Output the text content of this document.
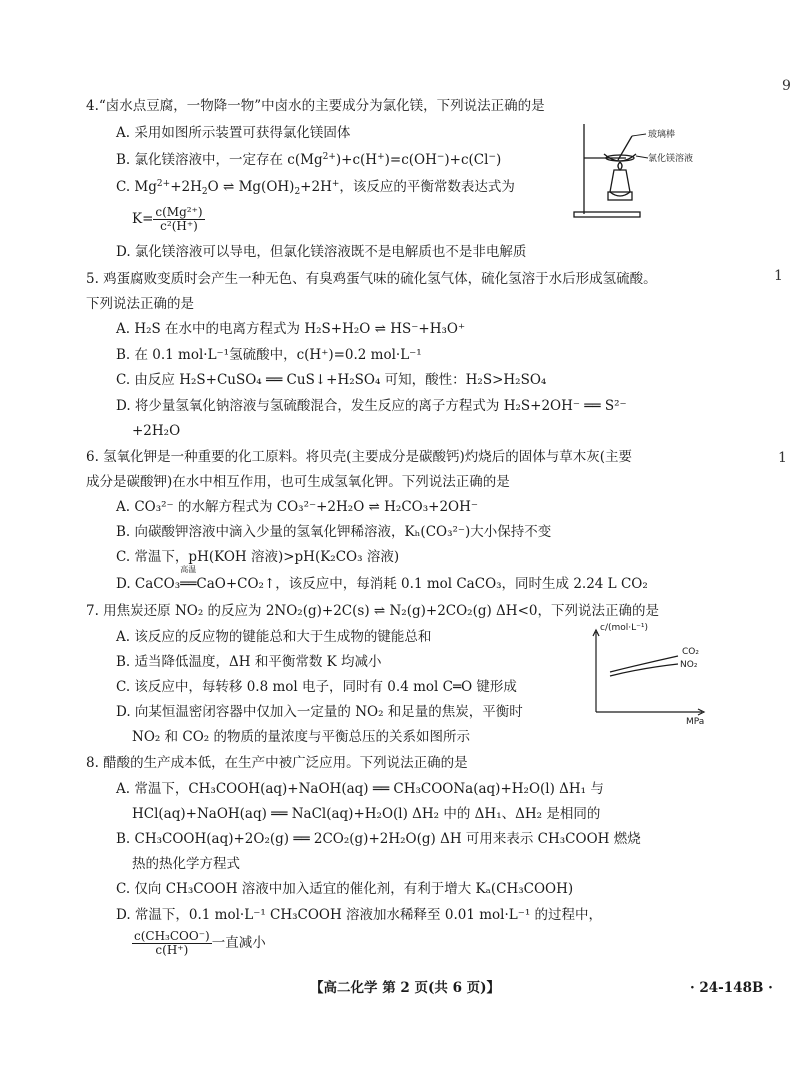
9
1
1
4.“卤水点豆腐，一物降一物”中卤水的主要成分为氯化镁，下列说法正确的是
A. 采用如图所示装置可获得氯化镁固体
B. 氯化镁溶液中，一定存在 $c(Mg^{2+})+c(H^+)=c(OH^-)+c(Cl^-)$
C. $Mg^{2+}+2H_2O$ ⇌ $Mg(OH)_2+2H^+$，该反应的平衡常数表达式为
$K= \frac{\text{c(Mg²⁺)}}{\text{c²(H⁺)}}$
D. 氯化镁溶液可以导电，但氯化镁溶液既不是电解质也不是非电解质
玻璃棒
氯化镁溶液
5. 鸡蛋腐败变质时会产生一种无色、有臭鸡蛋气味的硫化氢气体，硫化氢溶于水后形成氢硫酸。
下列说法正确的是
A. H₂S 在水中的电离方程式为 H₂S+H₂O ⇌ HS⁻+H₃O⁺
B. 在 0.1 mol·L⁻¹氢硫酸中，c(H⁺)=0.2 mol·L⁻¹
C. 由反应 H₂S+CuSO₄ ══ CuS↓+H₂SO₄ 可知，酸性：H₂S>H₂SO₄
D. 将少量氢氧化钠溶液与氢硫酸混合，发生反应的离子方程式为 H₂S+2OH⁻ ══ S²⁻
+2H₂O
6. 氢氧化钾是一种重要的化工原料。将贝壳(主要成分是碳酸钙)灼烧后的固体与草木灰(主要
成分是碳酸钾)在水中相互作用，也可生成氢氧化钾。下列说法正确的是
A. CO₃²⁻ 的水解方程式为 CO₃²⁻+2H₂O ⇌ H₂CO₃+2OH⁻
B. 向碳酸钾溶液中滴入少量的氢氧化钾稀溶液，Kₕ(CO₃²⁻)大小保持不变
C. 常温下，pH(KOH 溶液)>pH(K₂CO₃ 溶液)
D. CaCO₃
高温
══CaO+CO₂↑，该反应中，每消耗 0.1 mol CaCO₃，同时生成 2.24 L CO₂
7. 用焦炭还原 NO₂ 的反应为 2NO₂(g)+2C(s) ⇌ N₂(g)+2CO₂(g) ΔH<0，下列说法正确的是
A. 该反应的反应物的键能总和大于生成物的键能总和
B. 适当降低温度，ΔH 和平衡常数 K 均减小
C. 该反应中，每转移 0.8 mol 电子，同时有 0.4 mol C═O 键形成
D. 向某恒温密闭容器中仅加入一定量的 NO₂ 和足量的焦炭，平衡时
NO₂ 和 CO₂ 的物质的量浓度与平衡总压的关系如图所示
c/(mol·L⁻¹)
MPa
CO₂
NO₂
8. 醋酸的生产成本低，在生产中被广泛应用。下列说法正确的是
A. 常温下，CH₃COOH(aq)+NaOH(aq) ══ CH₃COONa(aq)+H₂O(l) ΔH₁ 与
HCl(aq)+NaOH(aq) ══ NaCl(aq)+H₂O(l) ΔH₂ 中的 ΔH₁、ΔH₂ 是相同的
B. CH₃COOH(aq)+2O₂(g) ══ 2CO₂(g)+2H₂O(g) ΔH 可用来表示 CH₃COOH 燃烧
热的热化学方程式
C. 仅向 CH₃COOH 溶液中加入适宜的催化剂，有利于增大 Kₐ(CH₃COOH)
D. 常温下，0.1 mol·L⁻¹ CH₃COOH 溶液加水稀释至 0.01 mol·L⁻¹ 的过程中，
$\frac{\text{c(CH₃COO⁻)}}{c(H^+)}$ 一直减小
【高二化学 第 2 页(共 6 页)】	· 24-148B ·
